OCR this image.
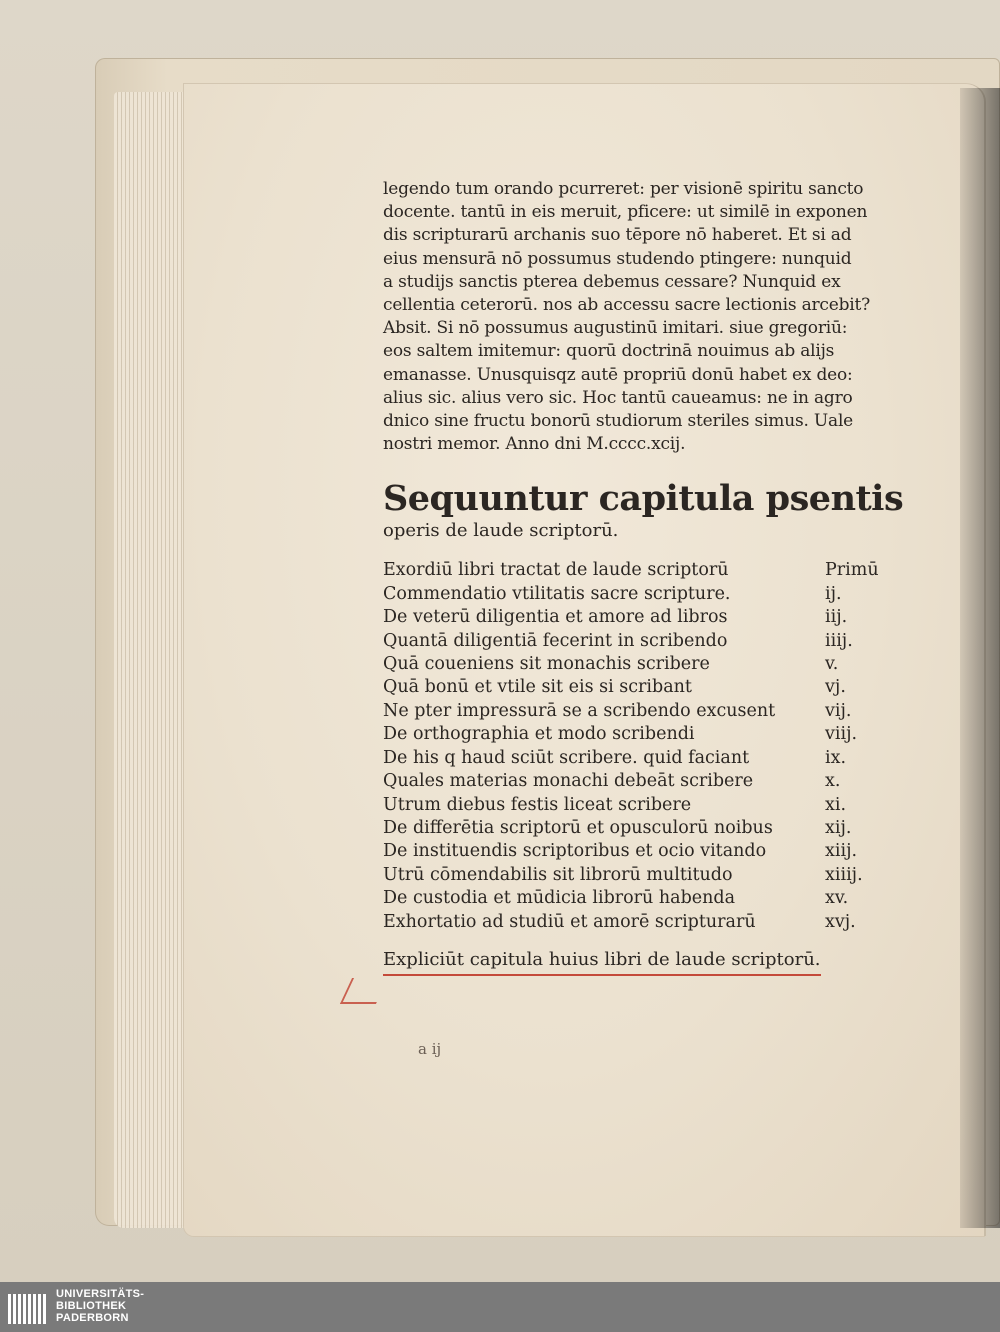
legendo tum orando pcurreret: per visionē spiritu sancto
docente. tantū in eis meruit, pficere: ut similē in exponen
dis scripturarū archanis suo tēpore nō haberet. Et si ad
eius mensurā nō possumus studendo ptingere: nunquid
a studijs sanctis pterea debemus cessare? Nunquid ex
cellentia ceterorū. nos ab accessu sacre lectionis arcebit?
Absit. Si nō possumus augustinū imitari. siue gregoriū:
eos saltem imitemur: quorū doctrinā nouimus ab alijs
emanasse. Unusquisqz autē propriū donū habet ex deo:
alius sic. alius vero sic. Hoc tantū caueamus: ne in agro
dnico sine fructu bonorū studiorum steriles simus. Uale
nostri memor. Anno dni M.cccc.xcij.
Sequuntur capitula psentis
operis de laude scriptorū.
Exordiū libri tractat de laude scriptorū	Primū
Commendatio vtilitatis sacre scripture.	ij.
De veterū diligentia et amore ad libros	iij.
Quantā diligentiā fecerint in scribendo	iiij.
Quā coueniens sit monachis scribere	v.
Quā bonū et vtile sit eis si scribant	vj.
Ne pter impressurā se a scribendo excusent	vij.
De orthographia et modo scribendi	viij.
De his q haud sciūt scribere. quid faciant	ix.
Quales materias monachi debeāt scribere	x.
Utrum diebus festis liceat scribere	xi.
De differētia scriptorū et opusculorū noibus	xij.
De instituendis scriptoribus et ocio vitando	xiij.
Utrū cōmendabilis sit librorū multitudo	xiiij.
De custodia et mūdicia librorū habenda	xv.
Exhortatio ad studiū et amorē scripturarū	xvj.
Expliciūt capitula huius libri de laude scriptorū.
a ij
UNIVERSITÄTS-
BIBLIOTHEK
PADERBORN
